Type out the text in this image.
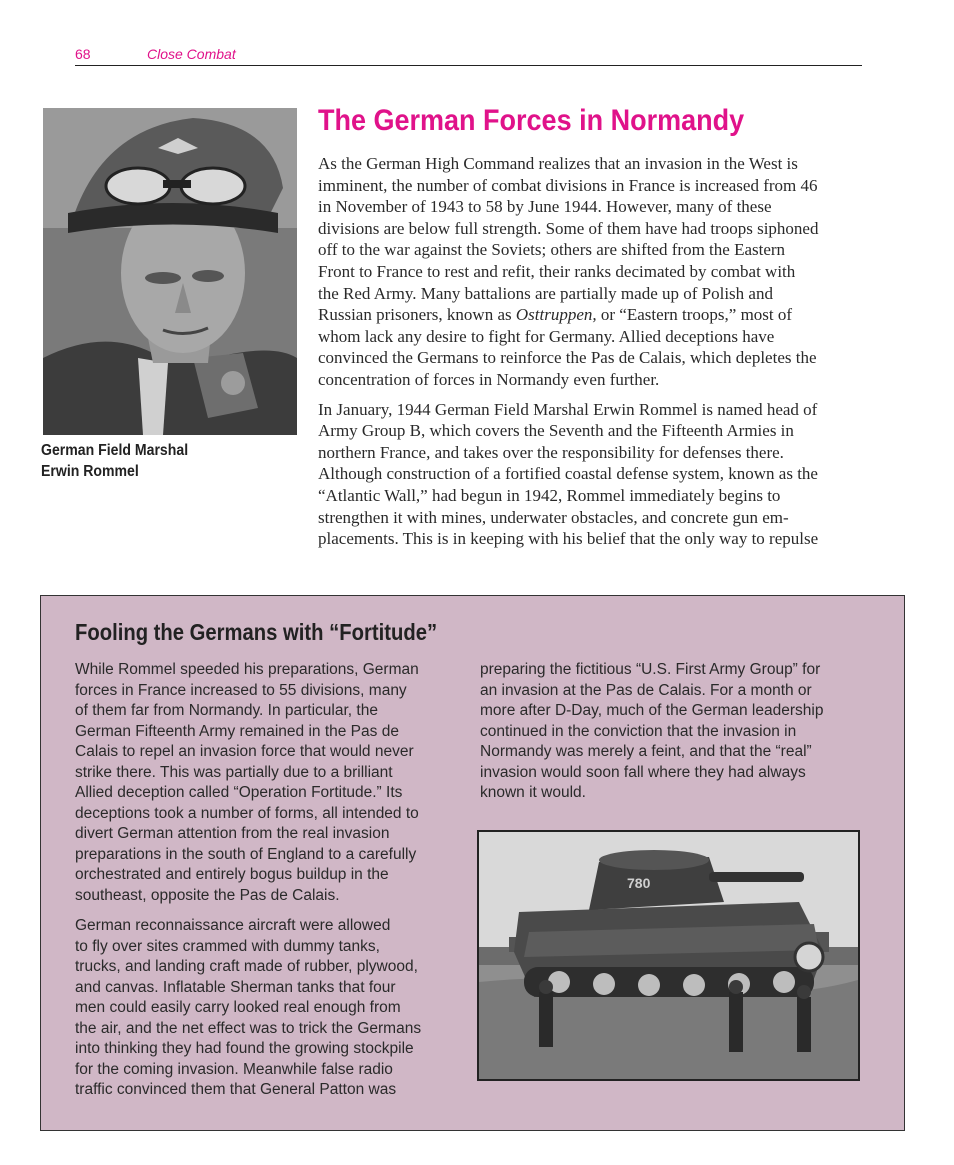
68	Close Combat
German Field Marshal
Erwin Rommel
The German Forces in Normandy
As the German High Command realizes that an invasion in the West is
imminent, the number of combat divisions in France is increased from 46
in November of 1943 to 58 by June 1944. However, many of these
divisions are below full strength. Some of them have had troops siphoned
off to the war against the Soviets; others are shifted from the Eastern
Front to France to rest and refit, their ranks decimated by combat with
the Red Army. Many battalions are partially made up of Polish and
Russian prisoners, known as Osttruppen, or “Eastern troops,” most of
whom lack any desire to fight for Germany. Allied deceptions have
convinced the Germans to reinforce the Pas de Calais, which depletes the
concentration of forces in Normandy even further.
In January, 1944 German Field Marshal Erwin Rommel is named head of
Army Group B, which covers the Seventh and the Fifteenth Armies in
northern France, and takes over the responsibility for defenses there.
Although construction of a fortified coastal defense system, known as the
“Atlantic Wall,” had begun in 1942, Rommel immediately begins to
strengthen it with mines, underwater obstacles, and concrete gun em-
placements. This is in keeping with his belief that the only way to repulse
Fooling the Germans with “Fortitude”
While Rommel speeded his preparations, German
forces in France increased to 55 divisions, many
of them far from Normandy. In particular, the
German Fifteenth Army remained in the Pas de
Calais to repel an invasion force that would never
strike there. This was partially due to a brilliant
Allied deception called “Operation Fortitude.” Its
deceptions took a number of forms, all intended to
divert German attention from the real invasion
preparations in the south of England to a carefully
orchestrated and entirely bogus buildup in the
southeast, opposite the Pas de Calais.
German reconnaissance aircraft were allowed
to fly over sites crammed with dummy tanks,
trucks, and landing craft made of rubber, plywood,
and canvas. Inflatable Sherman tanks that four
men could easily carry looked real enough from
the air, and the net effect was to trick the Germans
into thinking they had found the growing stockpile
for the coming invasion. Meanwhile false radio
traffic convinced them that General Patton was
preparing the fictitious “U.S. First Army Group” for
an invasion at the Pas de Calais. For a month or
more after D-Day, much of the German leadership
continued in the conviction that the invasion in
Normandy was merely a feint, and that the “real”
invasion would soon fall where they had always
known it would.
780
